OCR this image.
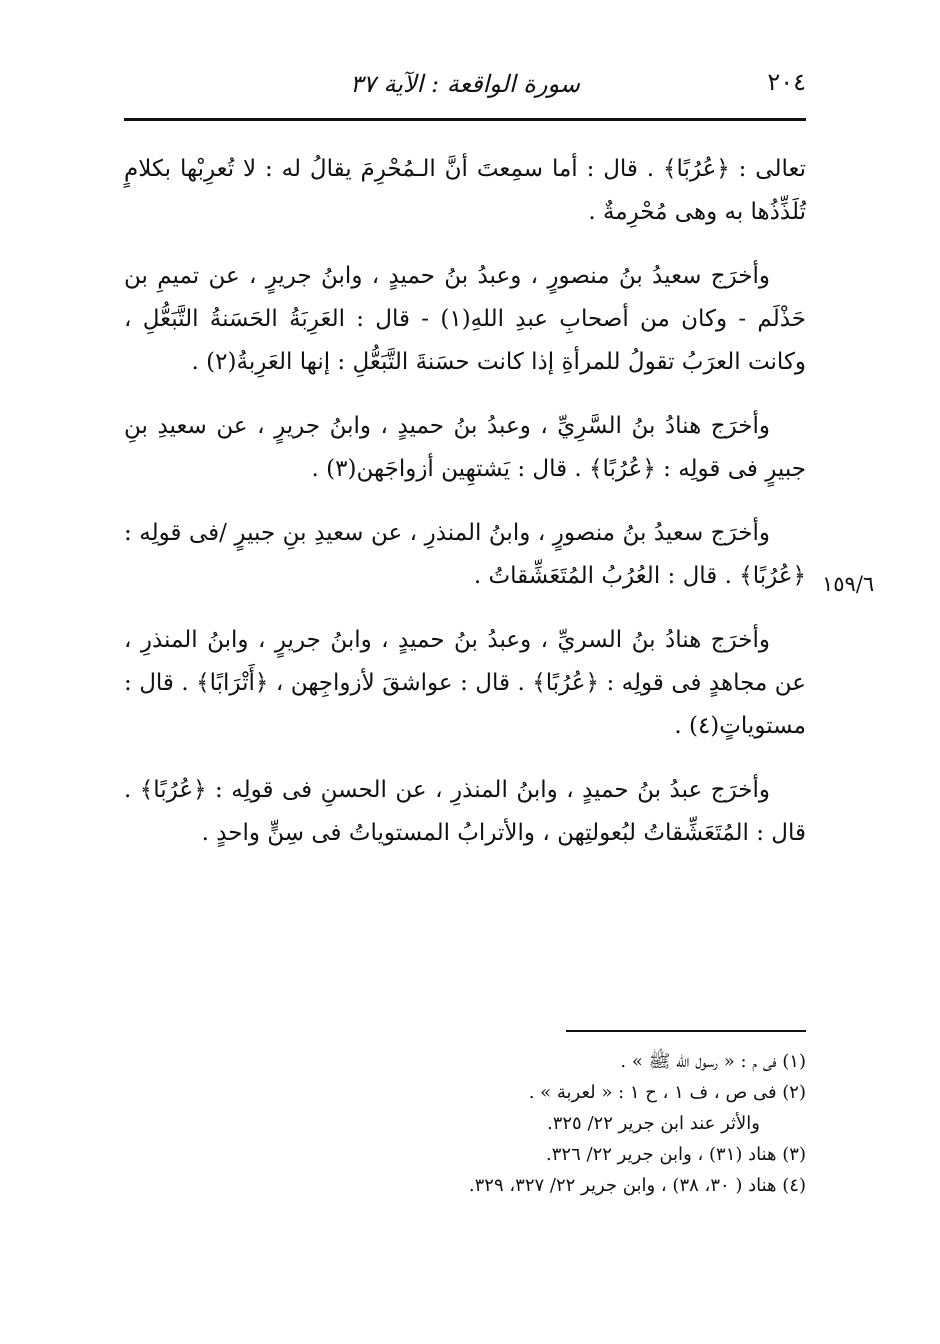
٢٠٤
سورة الواقعة : الآية ٣٧
١٥٩/٦

تعالى : ﴿عُرُبًا﴾ . قال : أما سمِعتَ أنَّ الـمُحْرِمَ يقالُ له : لا تُعرِبْها بكلامٍ تُلَذِّذُها به وهى مُحْرِمةٌ .

وأخرَج سعيدُ بنُ منصورٍ ، وعبدُ بنُ حميدٍ ، وابنُ جريرٍ ، عن تميمِ بن حَذْلَم - وكان من أصحابِ عبدِ اللهِ(١) - قال : العَرِبَةُ الحَسَنةُ التَّبَعُّلِ ، وكانت العرَبُ تقولُ للمرأةِ إذا كانت حسَنةَ التَّبَعُّلِ : إنها العَرِبةُ(٢) .

وأخرَج هنادُ بنُ السَّرِيِّ ، وعبدُ بنُ حميدٍ ، وابنُ جريرٍ ، عن سعيدِ بنِ جبيرٍ فى قولِه : ﴿عُرُبًا﴾ . قال : يَشتهِين أزواجَهن(٣) .

وأخرَج سعيدُ بنُ منصورٍ ، وابنُ المنذرِ ، عن سعيدِ بنِ جبيرٍ /فى قولِه : ﴿عُرُبًا﴾ . قال : العُرُبُ المُتَعَشِّقاتُ .

وأخرَج هنادُ بنُ السريِّ ، وعبدُ بنُ حميدٍ ، وابنُ جريرٍ ، وابنُ المنذرِ ، عن مجاهدٍ فى قولِه : ﴿عُرُبًا﴾ . قال : عواشقَ لأزواجِهن ، ﴿أَتْرَابًا﴾ . قال : مستوياتٍ(٤) .

وأخرَج عبدُ بنُ حميدٍ ، وابنُ المنذرِ ، عن الحسنِ فى قولِه : ﴿عُرُبًا﴾ . قال : المُتَعَشِّقاتُ لبُعولتِهن ، والأترابُ المستوياتُ فى سِنٍّ واحدٍ .

(١) فى م : « رسول الله ﷺ » .

(٢) فى ص ، ف ١ ، ح ١ : « لعربة » .

والأثر عند ابن جرير ٢٢/ ٣٢٥.

(٣) هناد (٣١) ، وابن جرير ٢٢/ ٣٢٦.

(٤) هناد ( ٣٠، ٣٨) ، وابن جرير ٢٢/ ٣٢٧، ٣٢٩.
